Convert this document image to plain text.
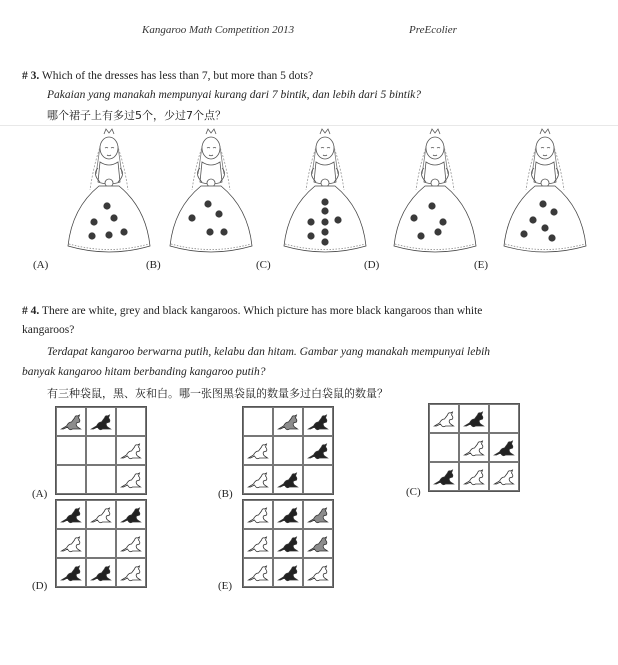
Kangaroo Math Competition 2013	PreEcolier
# 3. Which of the dresses has less than 7, but more than 5 dots?
Pakaian yang manakah mempunyai kurang dari 7 bintik, dan lebih dari 5 bintik?
哪个裙子上有多过5个，少过7个点？
(A)	(B)	(C)	(D)	(E)
# 4. There are white, grey and black kangaroos. Which picture has more black kangaroos than white
kangaroos?
Terdapat kangaroo berwarna putih, kelabu dan hitam. Gambar yang manakah mempunyai lebih
banyak kangaroo hitam berbanding kangaroo putih?
有三种袋鼠，黑、灰和白。哪一张图黑袋鼠的数量多过白袋鼠的数量？
(A)	(B)	(C)
(D)	(E)
